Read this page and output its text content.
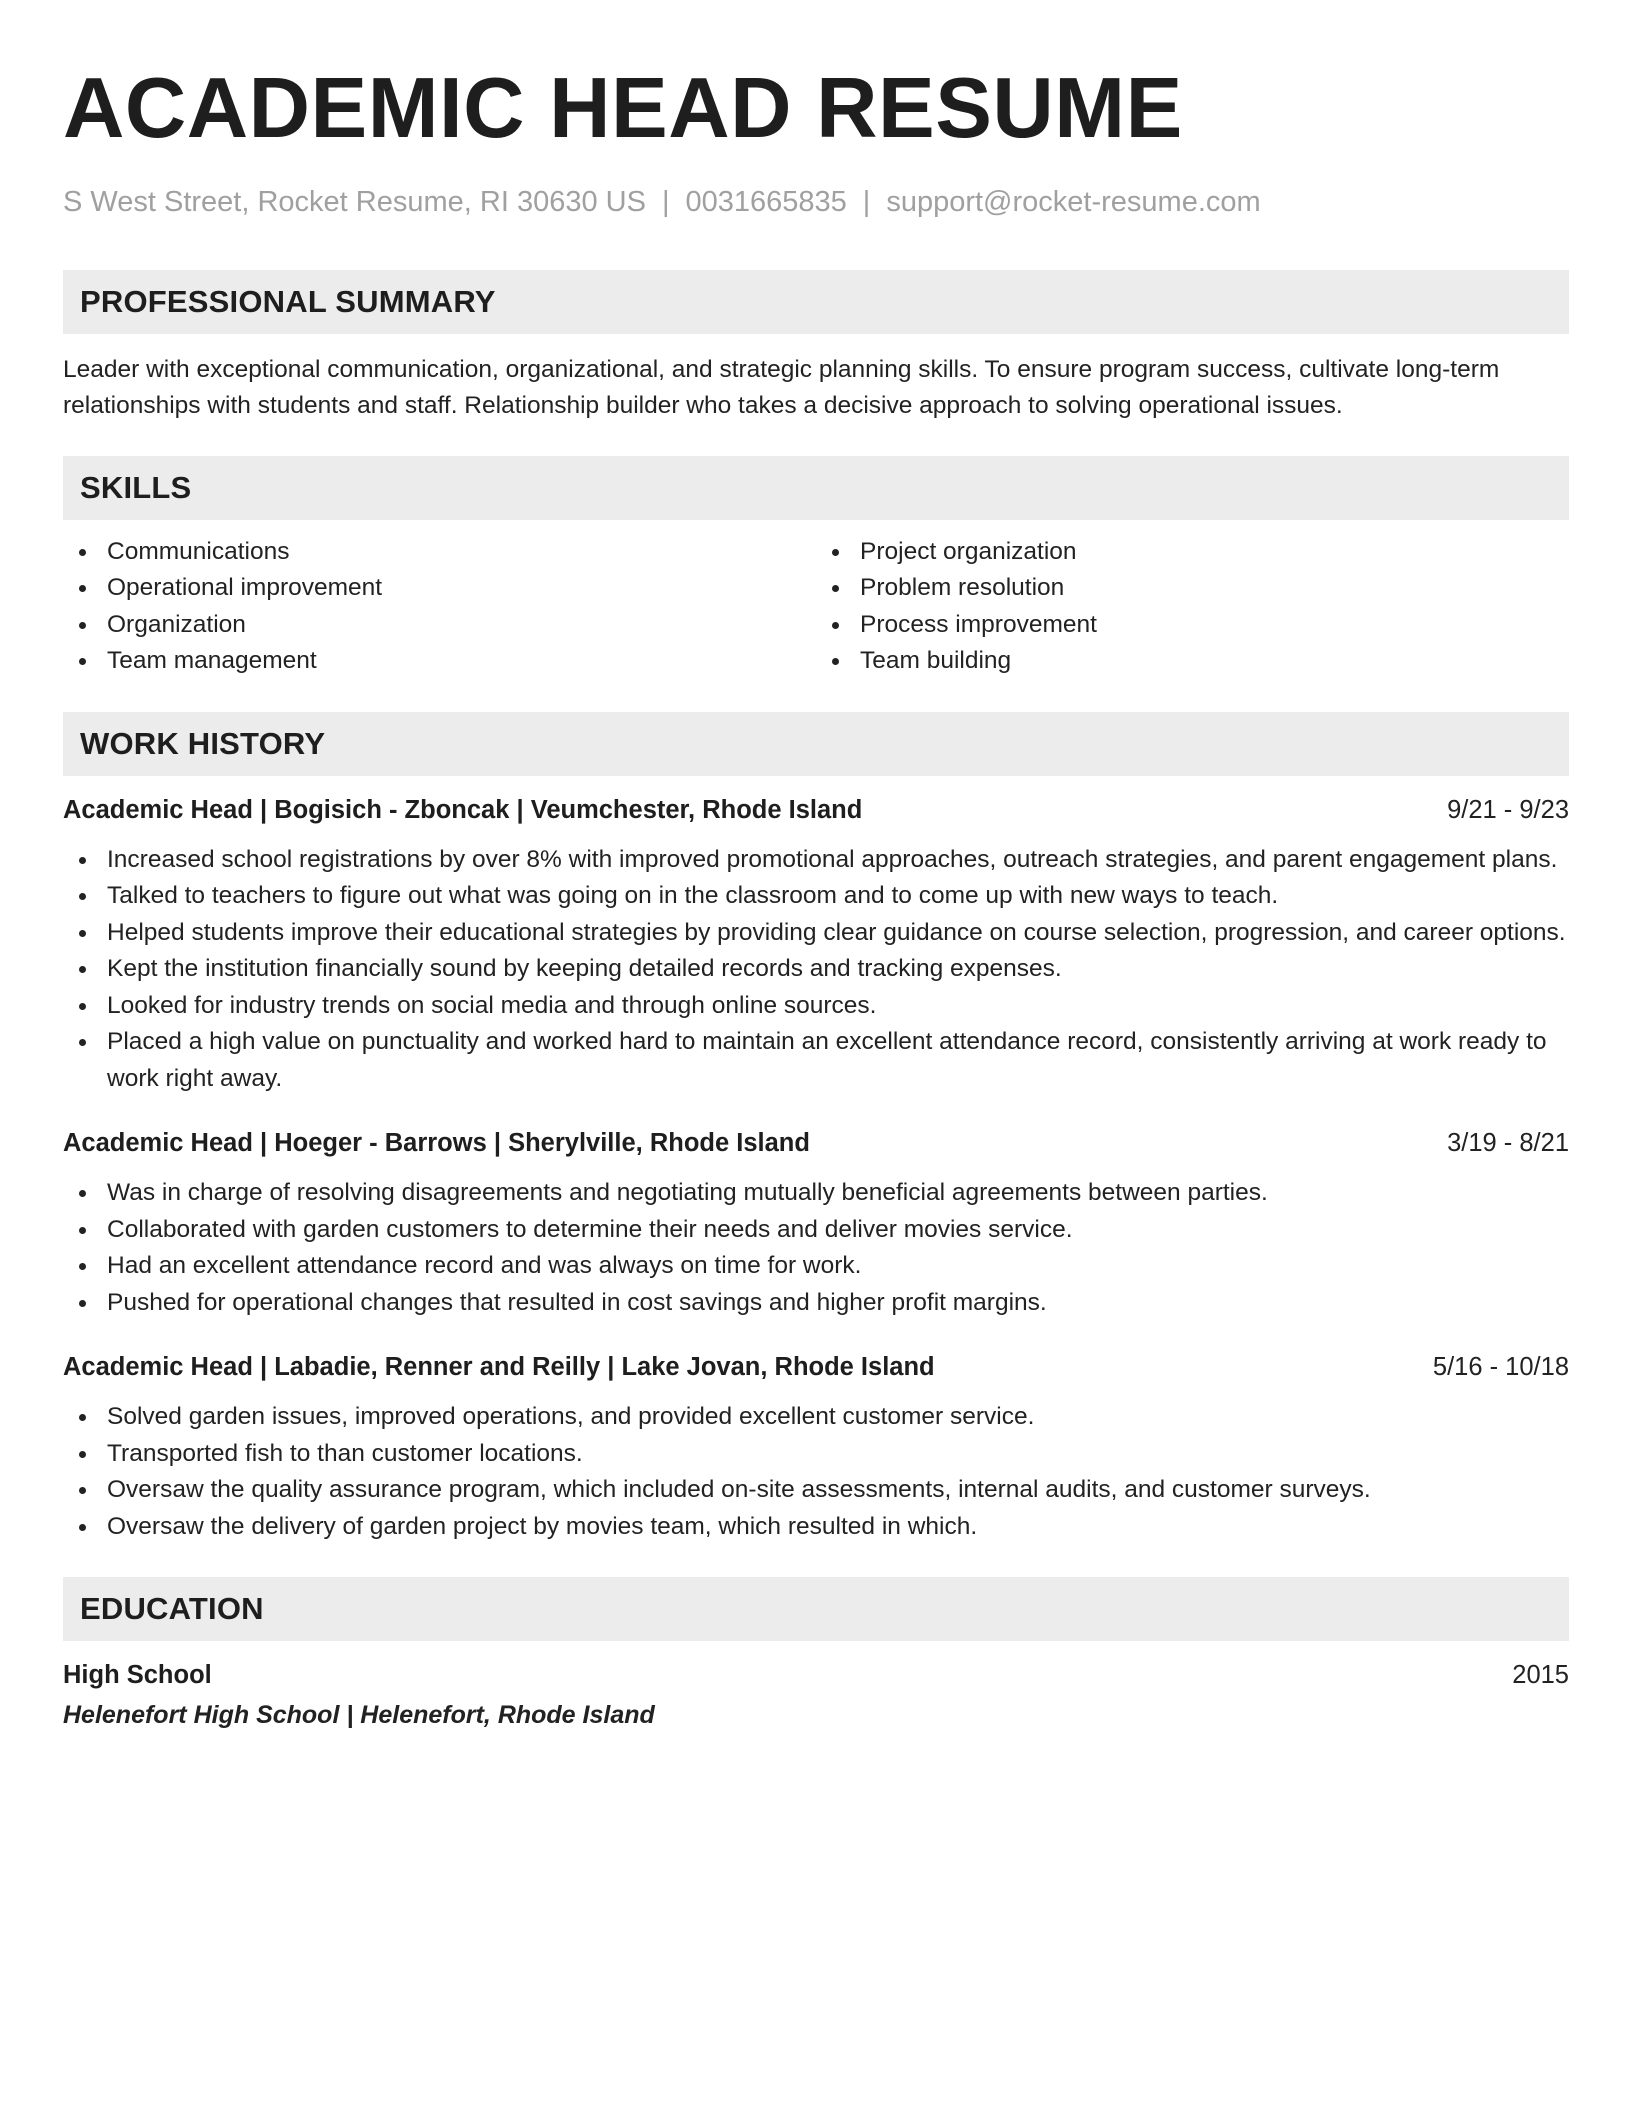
ACADEMIC HEAD RESUME
S West Street, Rocket Resume, RI 30630 US | 0031665835 | support@rocket-resume.com
PROFESSIONAL SUMMARY

Leader with exceptional communication, organizational, and strategic planning skills. To ensure program success, cultivate long-term relationships with students and staff. Relationship builder who takes a decisive approach to solving operational issues.

SKILLS
Communications
Operational improvement
Organization
Team management
Project organization
Problem resolution
Process improvement
Team building
WORK HISTORY
Academic Head | Bogisich - Zboncak | Veumchester, Rhode Island	9/21 - 9/23
Increased school registrations by over 8% with improved promotional approaches, outreach strategies, and parent engagement plans.
Talked to teachers to figure out what was going on in the classroom and to come up with new ways to teach.
Helped students improve their educational strategies by providing clear guidance on course selection, progression, and career options.
Kept the institution financially sound by keeping detailed records and tracking expenses.
Looked for industry trends on social media and through online sources.
Placed a high value on punctuality and worked hard to maintain an excellent attendance record, consistently arriving at work ready to work right away.
Academic Head | Hoeger - Barrows | Sherylville, Rhode Island	3/19 - 8/21
Was in charge of resolving disagreements and negotiating mutually beneficial agreements between parties.
Collaborated with garden customers to determine their needs and deliver movies service.
Had an excellent attendance record and was always on time for work.
Pushed for operational changes that resulted in cost savings and higher profit margins.
Academic Head | Labadie, Renner and Reilly | Lake Jovan, Rhode Island	5/16 - 10/18
Solved garden issues, improved operations, and provided excellent customer service.
Transported fish to than customer locations.
Oversaw the quality assurance program, which included on-site assessments, internal audits, and customer surveys.
Oversaw the delivery of garden project by movies team, which resulted in which.
EDUCATION
High School	2015
Helenefort High School | Helenefort, Rhode Island
